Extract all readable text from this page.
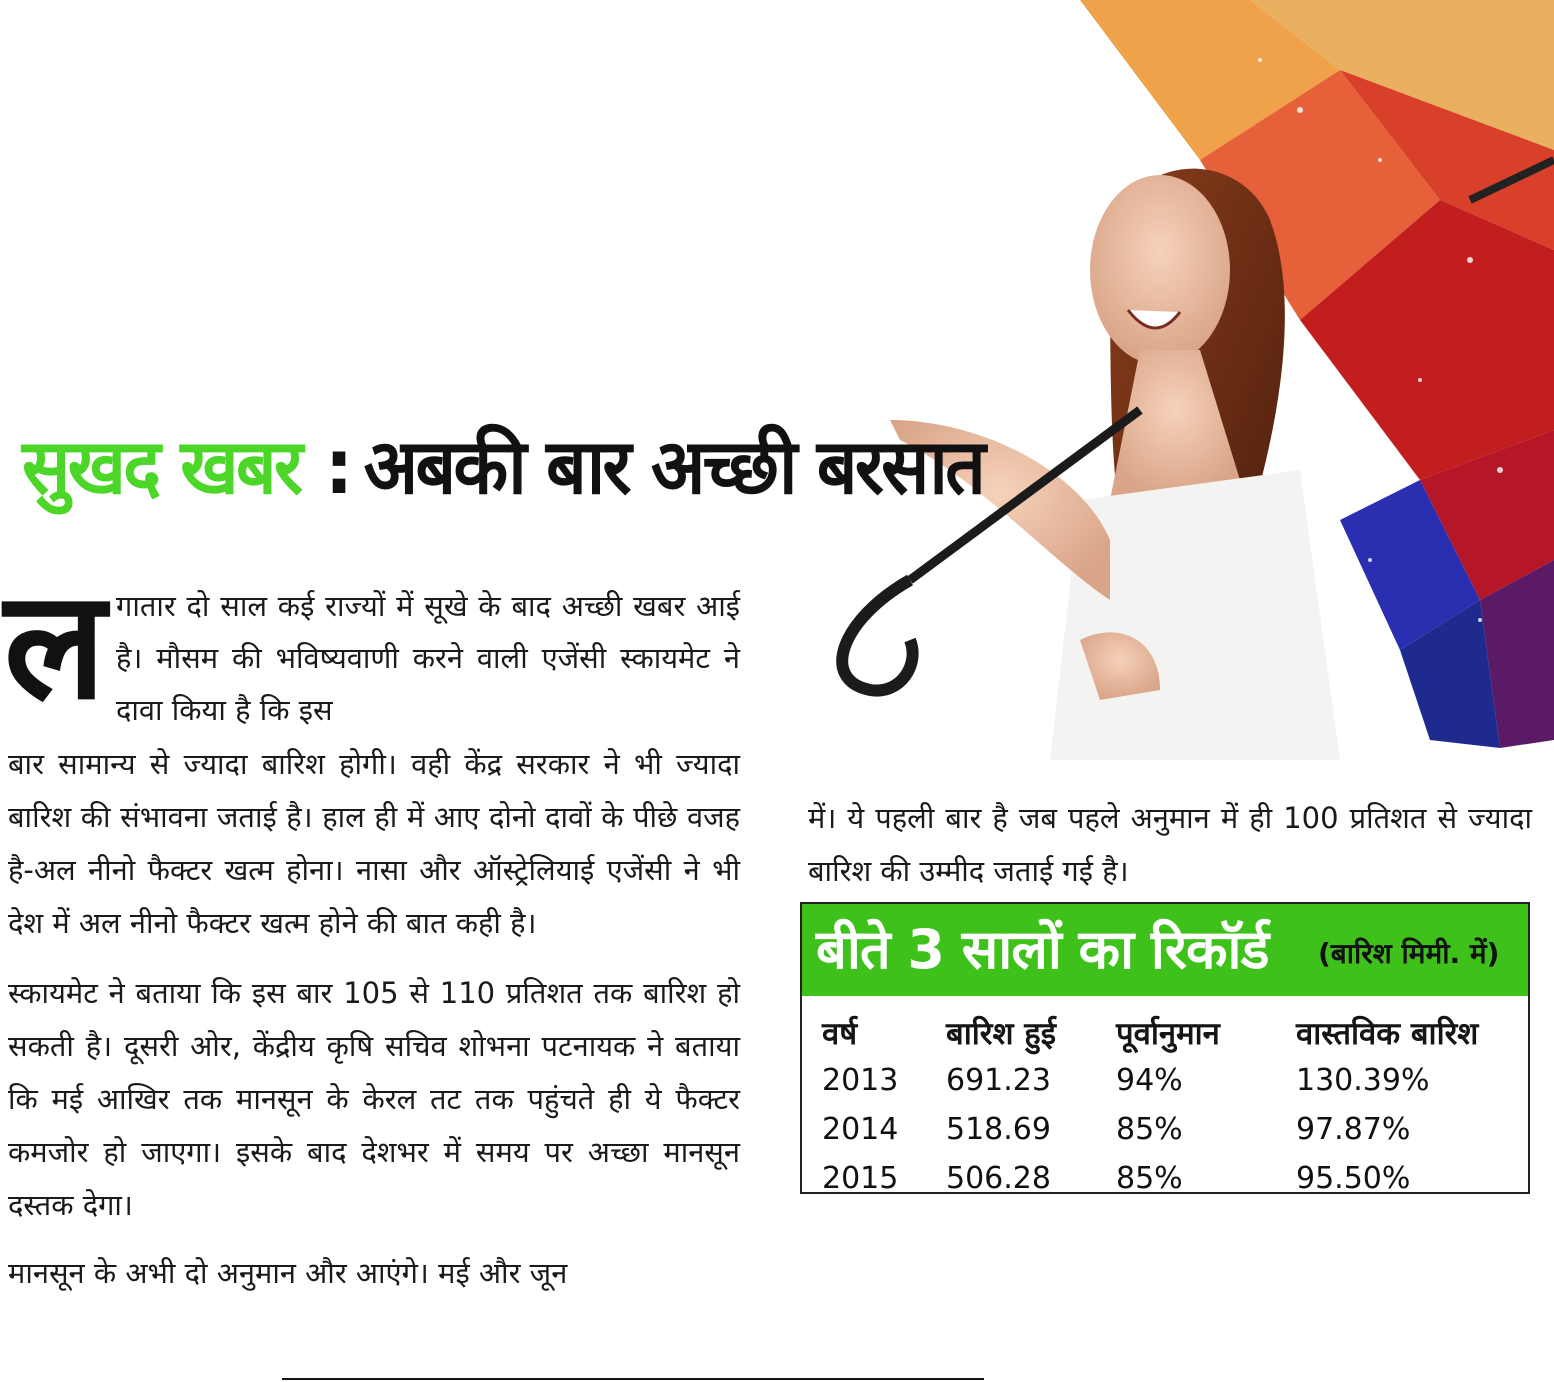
सुखद खबर : अबकी बार अच्छी बरसात
ल गातार दो साल कई राज्यों में सूखे के बाद अच्छी खबर आई है। मौसम की भविष्यवाणी करने वाली एजेंसी स्कायमेट ने दावा किया है कि इस

बार सामान्य से ज्यादा बारिश होगी। वही केंद्र सरकार ने भी ज्यादा बारिश की संभावना जताई है। हाल ही में आए दोनो दावों के पीछे वजह है-अल नीनो फैक्टर खत्म होना। नासा और ऑस्ट्रेलियाई एजेंसी ने भी देश में अल नीनो फैक्टर खत्म होने की बात कही है।

स्कायमेट ने बताया कि इस बार 105 से 110 प्रतिशत तक बारिश हो सकती है। दूसरी ओर, केंद्रीय कृषि सचिव शोभना पटनायक ने बताया कि मई आखिर तक मानसून के केरल तट तक पहुंचते ही ये फैक्टर कमजोर हो जाएगा। इसके बाद देशभर में समय पर अच्छा मानसून दस्तक देगा।

मानसून के अभी दो अनुमान और आएंगे। मई और जून

में। ये पहली बार है जब पहले अनुमान में ही 100 प्रतिशत से ज्यादा बारिश की उम्मीद जताई गई है।
बीते 3 सालों का रिकॉर्ड (बारिश मिमी. में)
वर्ष	बारिश हुई	पूर्वानुमान	वास्तविक बारिश
2013	691.23	94%	130.39%
2014	518.69	85%	97.87%
2015	506.28	85%	95.50%
